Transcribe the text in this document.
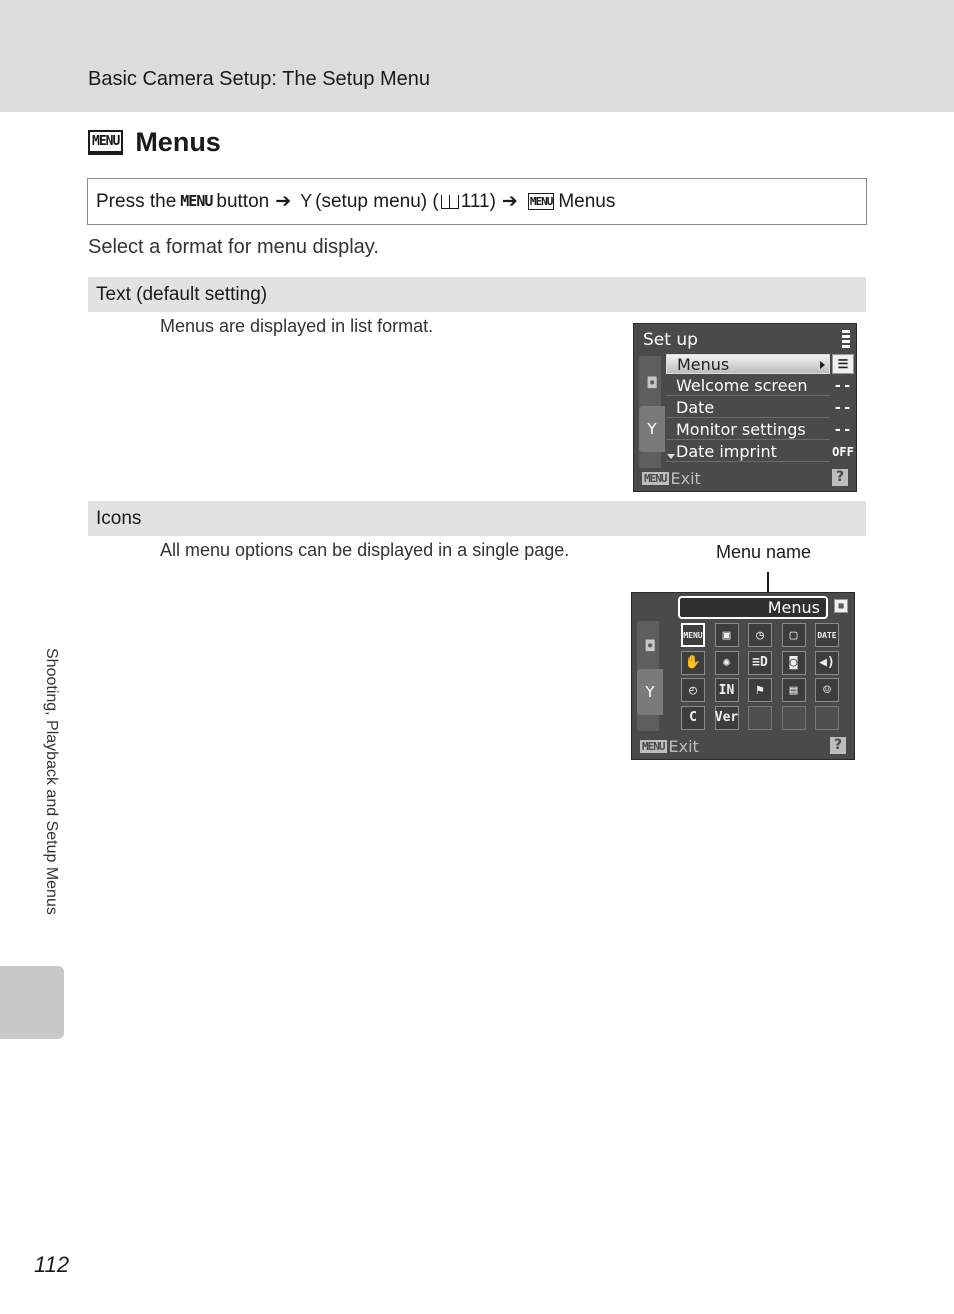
Basic Camera Setup: The Setup Menu
MENU Menus
Press the MENU button ➔ Y (setup menu) ( 111) ➔ MENU Menus
Select a format for menu display.
Text (default setting)
Menus are displayed in list format.
Set up
◘
Y
Menus	☰
Welcome screen --
Date	--
Monitor settings --
Date imprint	OFF
MENU Exit	?
Icons
All menu options can be displayed in a single page.	Menu name
Menus	▦
◘
Y
MENU	▣	◷	▢	DATE
✋	✺	≡D	◙	◀)
◴	IN	⚑	▤	☺
C	Ver
MENU Exit	?
Shooting, Playback and Setup Menus
112
